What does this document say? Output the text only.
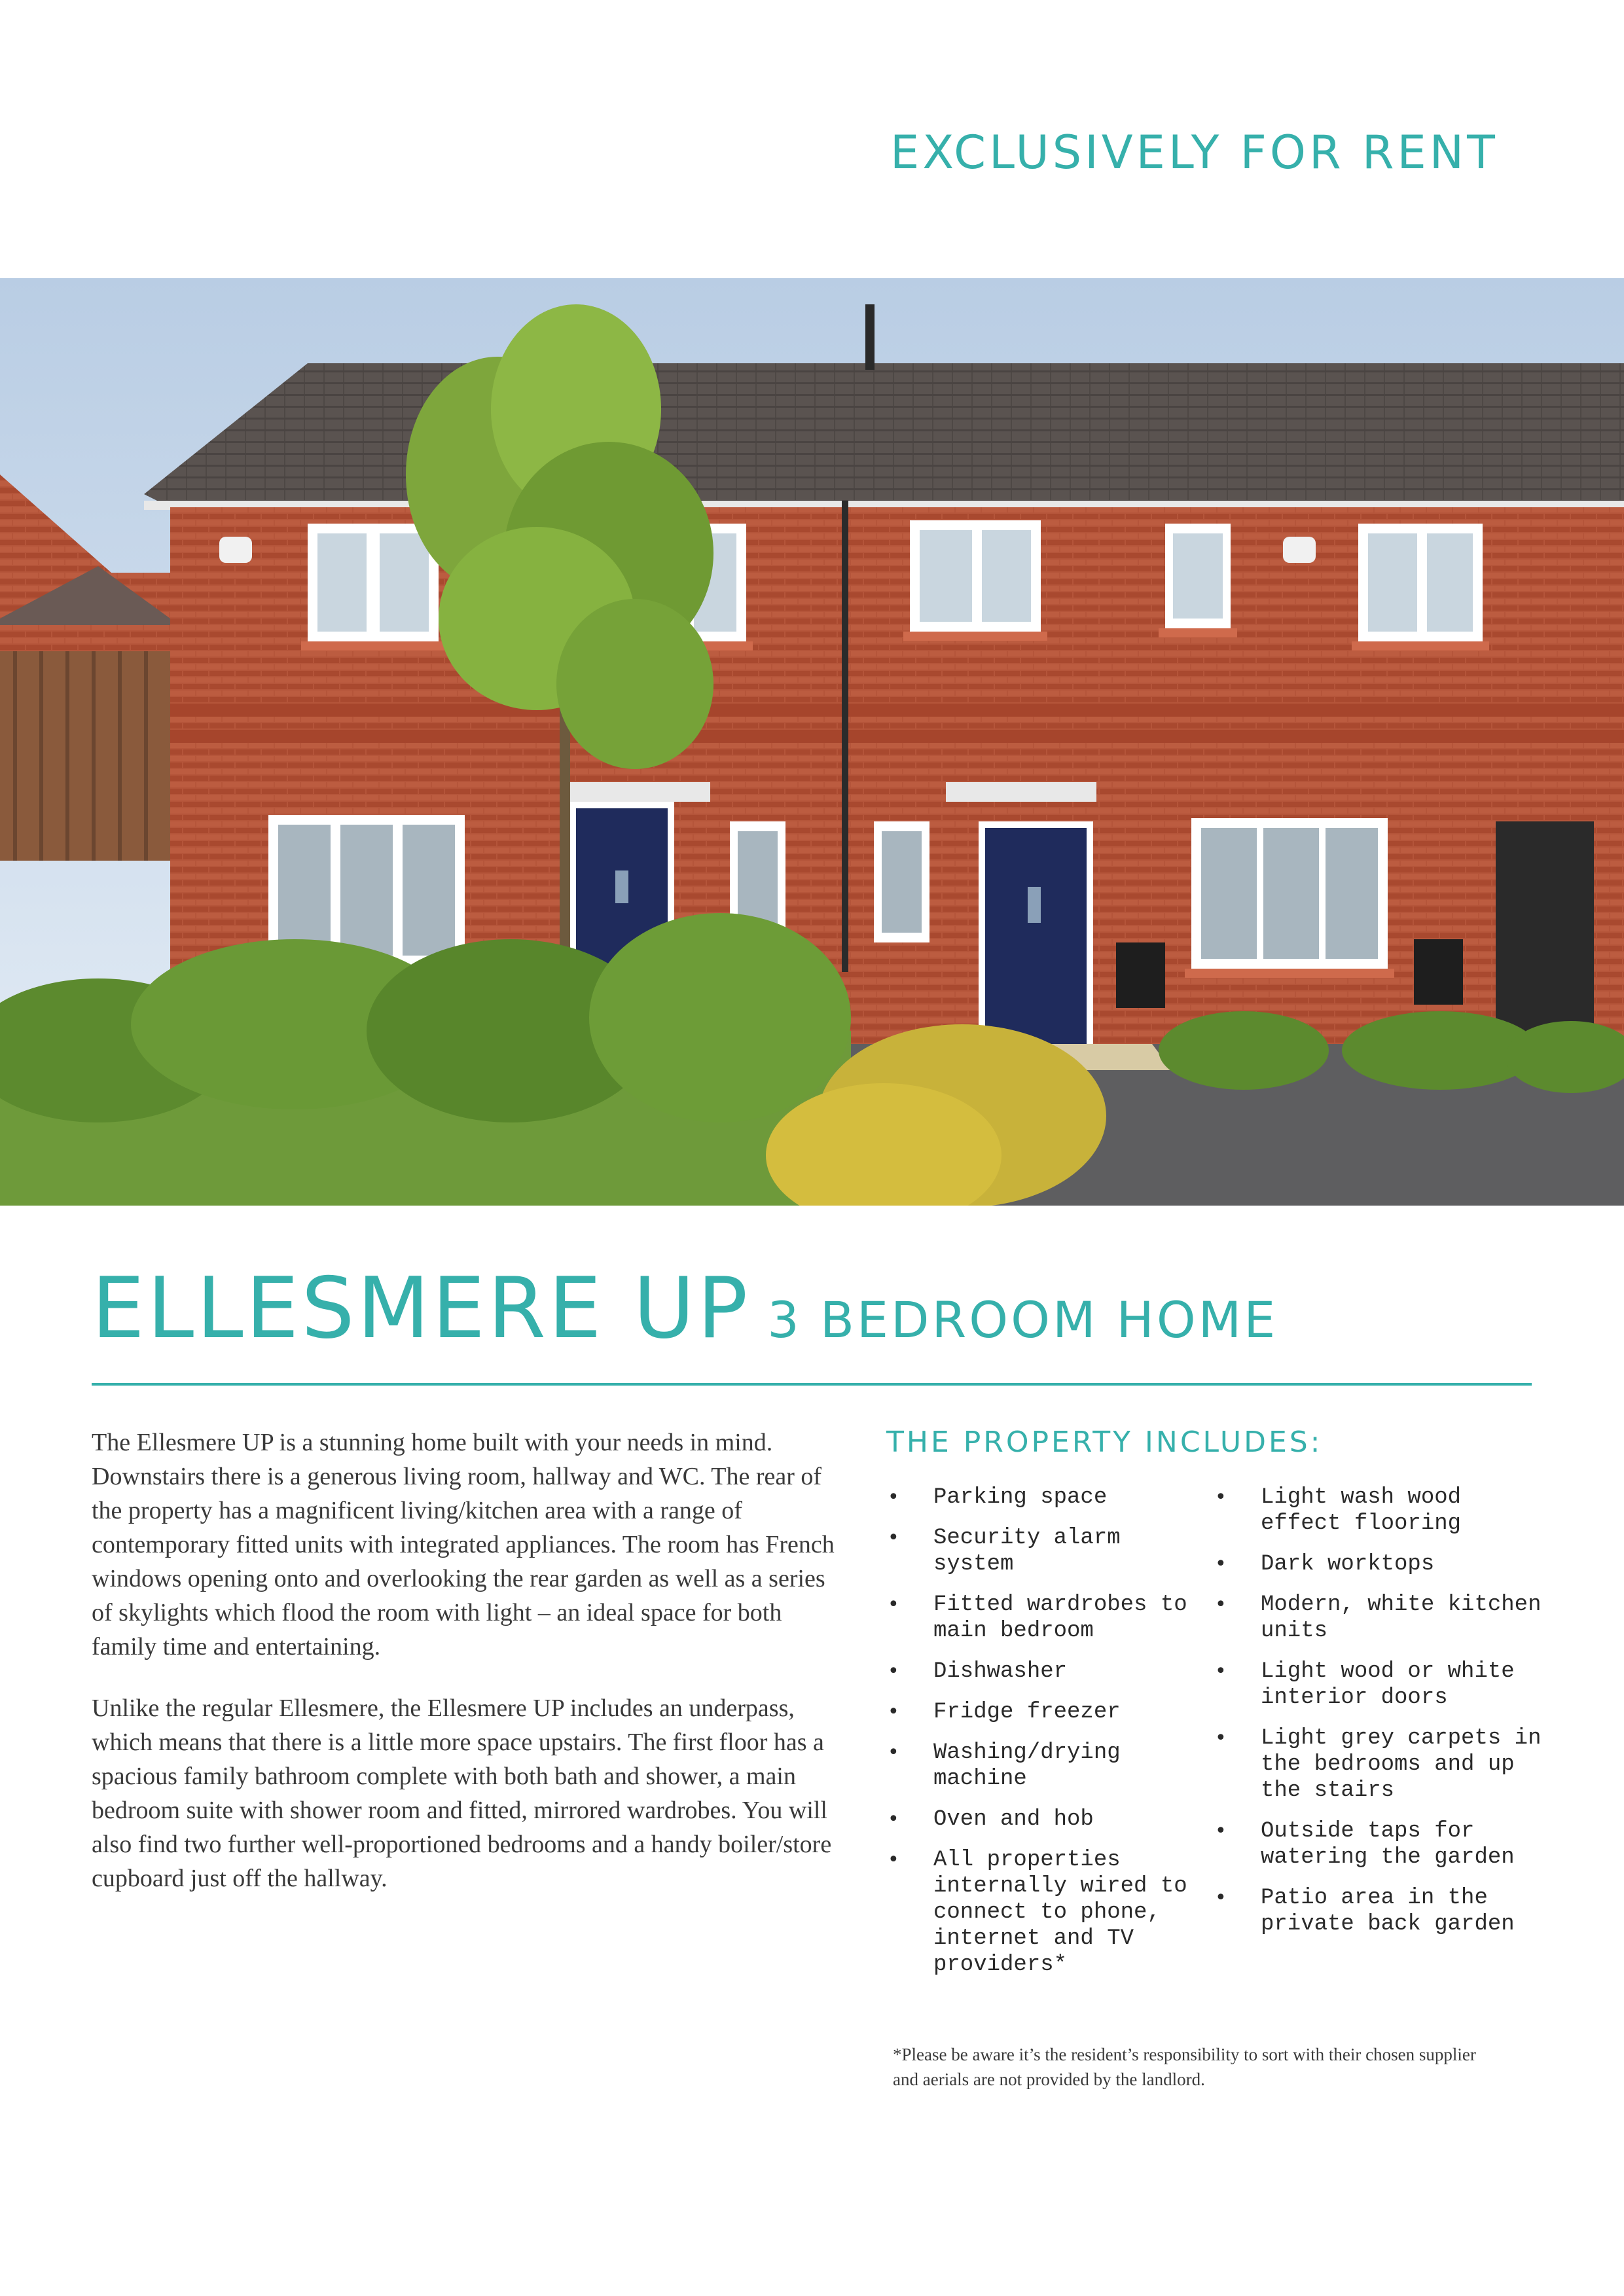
EXCLUSIVELY FOR RENT
ELLESMERE UP 3 BEDROOM HOME

The Ellesmere UP is a stunning home built with your needs in mind. Downstairs there is a generous living room, hallway and WC. The rear of the property has a magnificent living/kitchen area with a range of contemporary fitted units with integrated appliances. The room has French windows opening onto and overlooking the rear garden as well as a series of skylights which flood the room with light – an ideal space for both family time and entertaining.

Unlike the regular Ellesmere, the Ellesmere UP includes an underpass, which means that there is a little more space upstairs. The first floor has a spacious family bathroom complete with both bath and shower, a main bedroom suite with shower room and fitted, mirrored wardrobes. You will also find two further well-proportioned bedrooms and a handy boiler/store cupboard just off the hallway.

THE PROPERTY INCLUDES:
• Parking space
• Security alarm system
• Fitted wardrobes to main bedroom
• Dishwasher
• Fridge freezer
• Washing/drying machine
• Oven and hob
• All properties internally wired to connect to phone, internet and TV providers*
• Light wash wood effect flooring
• Dark worktops
• Modern, white kitchen units
• Light wood or white interior doors
• Light grey carpets in the bedrooms and up the stairs
• Outside taps for watering the garden
• Patio area in the private back garden
*Please be aware it’s the resident’s responsibility to sort with their chosen supplier and aerials are not provided by the landlord.
